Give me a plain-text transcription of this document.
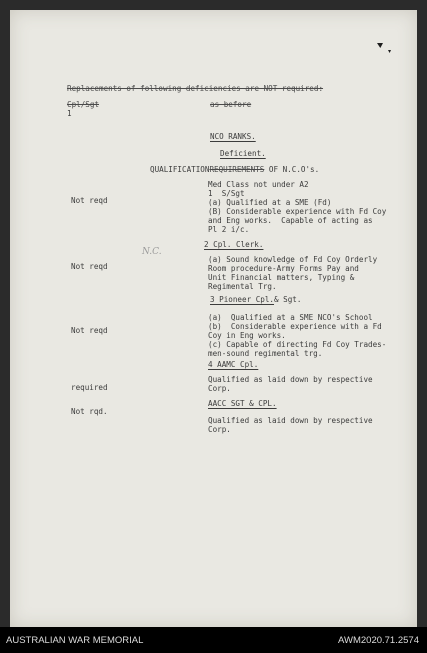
Replacements of following deficiencies are NOT required:
Cpl/Sgt
1
as before
NCO RANKS.
Deficient.
QUALIFICATIONREQUIREMENTS OF N.C.O's.
N.C.
Not reqd
Med Class not under A2
1  S/Sgt
(a) Qualified at a SME (Fd)
(B) Considerable experience with Fd Coy
and Eng works.  Capable of acting as
Pl 2 i/c.
2 Cpl. Clerk.
Not reqd
(a) Sound knowledge of Fd Coy Orderly
Room procedure-Army Forms Pay and
Unit Financial matters, Typing &
Regimental Trg.
3 Pioneer Cpl.& Sgt.
Not reqd
(a)  Qualified at a SME NCO's School
(b)  Considerable experience with a Fd
Coy in Eng works.
(c) Capable of directing Fd Coy Trades-
men-sound regimental trg.
4 AAMC Cpl.
required
Qualified as laid down by respective
Corp.
AACC SGT & CPL.
Not rqd.
Qualified as laid down by respective
Corp.
AUSTRALIAN WAR MEMORIAL	AWM2020.71.2574
